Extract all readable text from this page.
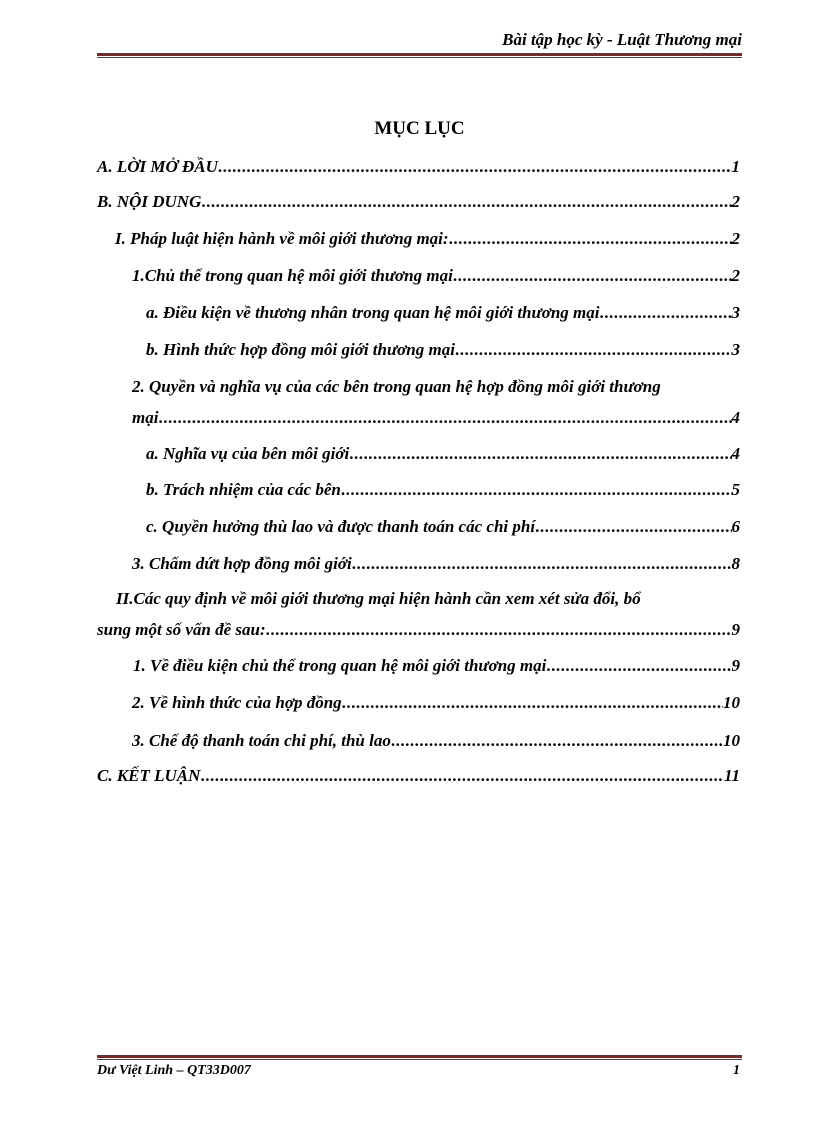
Bài tập học kỳ - Luật Thương mại
MỤC LỤC
A. LỜI MỞ ĐẦU .....	1
B. NỘI DUNG .....	2
I. Pháp luật hiện hành về môi giới thương mại: .....	2
1.Chủ thể trong quan hệ môi giới thương mại .....	2
a. Điều kiện về thương nhân trong quan hệ môi giới thương mại .....	3
b. Hình thức hợp đồng môi giới thương mại .....	3
2. Quyền và nghĩa vụ của các bên trong quan hệ hợp đồng môi giới thương
mại .....	4
a. Nghĩa vụ của bên môi giới .....	4
b. Trách nhiệm của các bên .....	5
c. Quyền hưởng thù lao và được thanh toán các chi phí .....	6
3. Chấm dứt hợp đồng môi giới .....	8
II.Các quy định về môi giới thương mại hiện hành cần xem xét sửa đổi, bổ
sung một số vấn đề sau: .....	9
1. Về điều kiện chủ thể trong quan hệ môi giới thương mại .....	9
2. Về hình thức của hợp đồng .....	10
3. Chế độ thanh toán chi phí, thù lao .....	10
C. KẾT LUẬN .....	11
Dư Việt Linh – QT33D007	1
